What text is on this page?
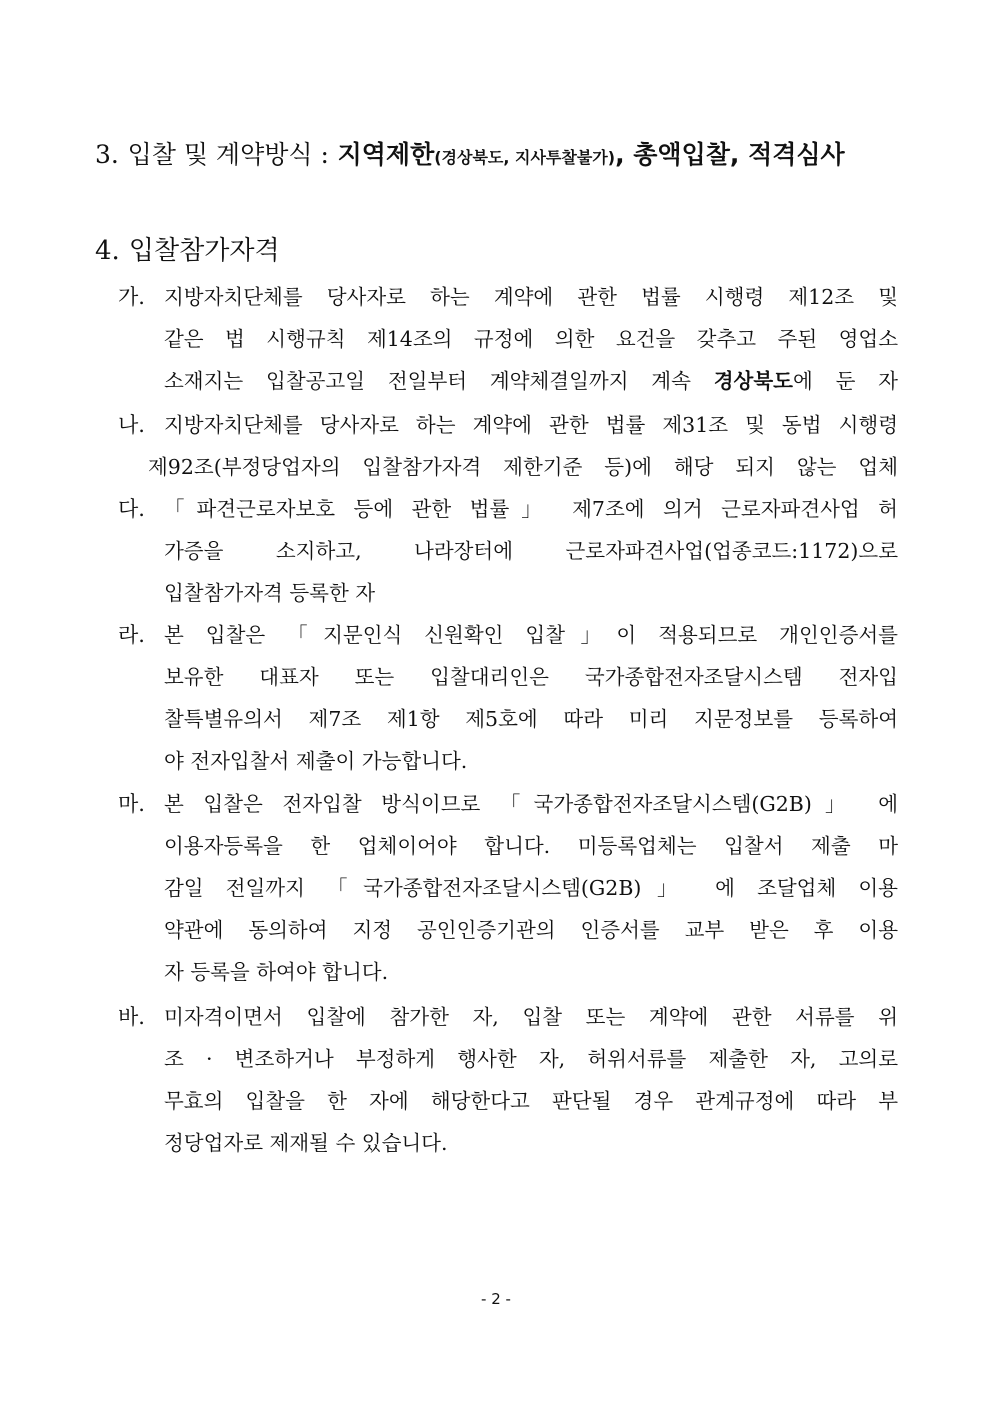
3. 입찰 및 계약방식 : 지역제한(경상북도, 지사투찰불가), 총액입찰, 적격심사
4. 입찰참가자격
가. 지방자치단체를 당사자로 하는 계약에 관한 법률 시행령 제12조 및
같은 법 시행규칙 제14조의 규정에 의한 요건을 갖추고 주된 영업소
소재지는 입찰공고일 전일부터 계약체결일까지 계속 경상북도에 둔 자
나. 지방자치단체를 당사자로 하는 계약에 관한 법률 제31조 및 동법 시행령
제92조(부정당업자의 입찰참가자격 제한기준 등)에 해당 되지 않는 업체
다. 「파견근로자보호 등에 관한 법률」 제7조에 의거 근로자파견사업 허
가증을 소지하고, 나라장터에 근로자파견사업(업종코드:1172)으로
입찰참가자격 등록한 자
라. 본 입찰은 「지문인식 신원확인 입찰」이 적용되므로 개인인증서를
보유한 대표자 또는 입찰대리인은 국가종합전자조달시스템 전자입
찰특별유의서 제7조 제1항 제5호에 따라 미리 지문정보를 등록하여
야 전자입찰서 제출이 가능합니다.
마. 본 입찰은 전자입찰 방식이므로 「국가종합전자조달시스템(G2B)」 에
이용자등록을 한 업체이어야 합니다. 미등록업체는 입찰서 제출 마
감일 전일까지 「국가종합전자조달시스템(G2B)」 에 조달업체 이용
약관에 동의하여 지정 공인인증기관의 인증서를 교부 받은 후 이용
자 등록을 하여야 합니다.
바. 미자격이면서 입찰에 참가한 자, 입찰 또는 계약에 관한 서류를 위
조 · 변조하거나 부정하게 행사한 자, 허위서류를 제출한 자, 고의로
무효의 입찰을 한 자에 해당한다고 판단될 경우 관계규정에 따라 부
정당업자로 제재될 수 있습니다.
- 2 -
